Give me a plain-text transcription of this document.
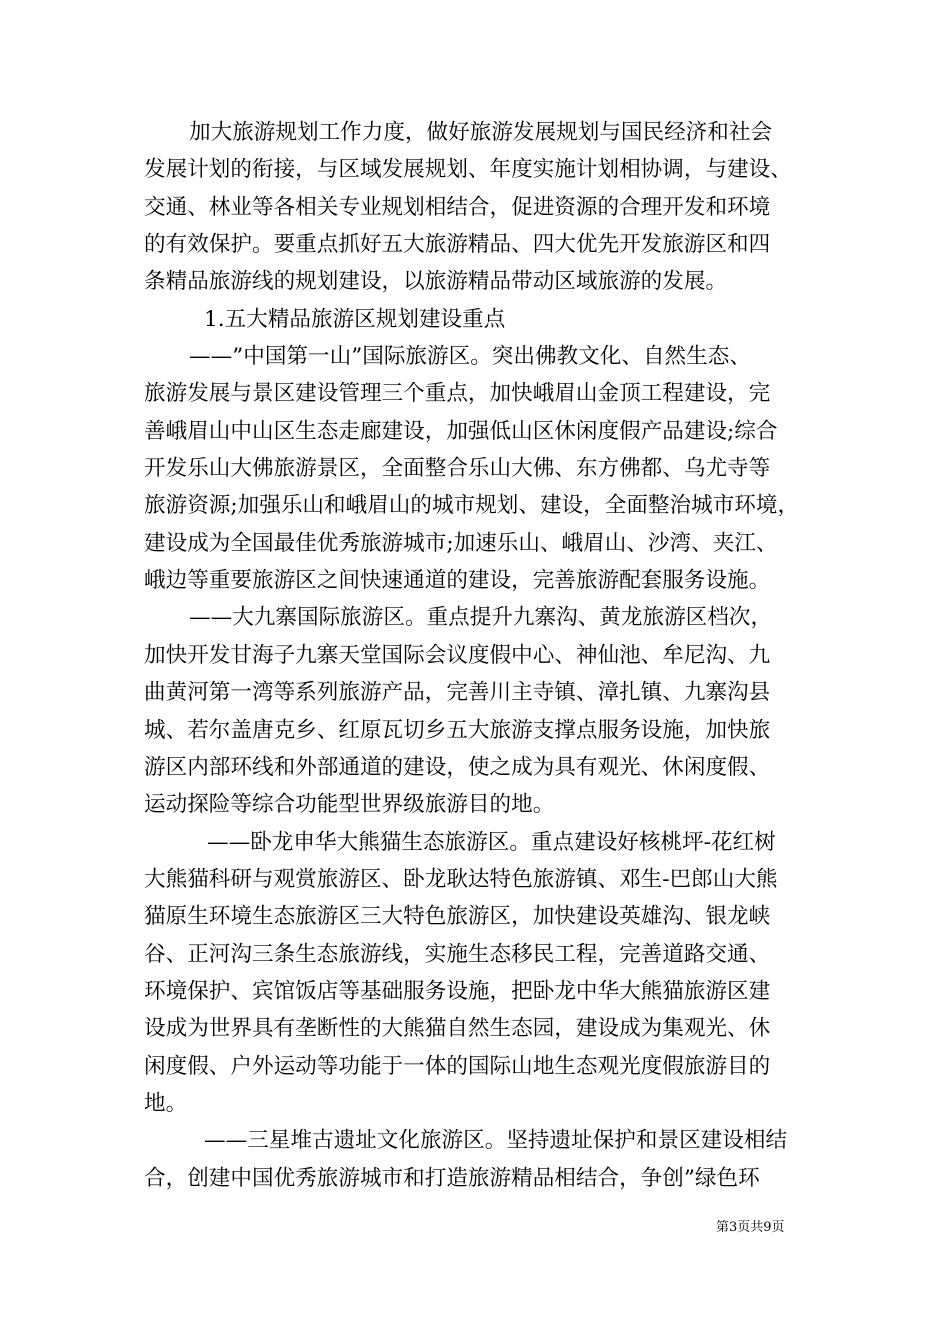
加大旅游规划工作力度，做好旅游发展规划与国民经济和社会
发展计划的衔接，与区域发展规划、年度实施计划相协调，与建设、
交通、林业等各相关专业规划相结合，促进资源的合理开发和环境
的有效保护。要重点抓好五大旅游精品、四大优先开发旅游区和四
条精品旅游线的规划建设，以旅游精品带动区域旅游的发展。
1.五大精品旅游区规划建设重点
——”中国第一山”国际旅游区。突出佛教文化、自然生态、
旅游发展与景区建设管理三个重点，加快峨眉山金顶工程建设，完
善峨眉山中山区生态走廊建设，加强低山区休闲度假产品建设;综合
开发乐山大佛旅游景区，全面整合乐山大佛、东方佛都、乌尤寺等
旅游资源;加强乐山和峨眉山的城市规划、建设，全面整治城市环境，
建设成为全国最佳优秀旅游城市;加速乐山、峨眉山、沙湾、夹江、
峨边等重要旅游区之间快速通道的建设，完善旅游配套服务设施。
——大九寨国际旅游区。重点提升九寨沟、黄龙旅游区档次，
加快开发甘海子九寨天堂国际会议度假中心、神仙池、牟尼沟、九
曲黄河第一湾等系列旅游产品，完善川主寺镇、漳扎镇、九寨沟县
城、若尔盖唐克乡、红原瓦切乡五大旅游支撑点服务设施，加快旅
游区内部环线和外部通道的建设，使之成为具有观光、休闲度假、
运动探险等综合功能型世界级旅游目的地。
——卧龙申华大熊猫生态旅游区。重点建设好核桃坪-花红树
大熊猫科研与观赏旅游区、卧龙耿达特色旅游镇、邓生-巴郎山大熊
猫原生环境生态旅游区三大特色旅游区，加快建设英雄沟、银龙峡
谷、正河沟三条生态旅游线，实施生态移民工程，完善道路交通、
环境保护、宾馆饭店等基础服务设施，把卧龙中华大熊猫旅游区建
设成为世界具有垄断性的大熊猫自然生态园，建设成为集观光、休
闲度假、户外运动等功能于一体的国际山地生态观光度假旅游目的
地。
——三星堆古遗址文化旅游区。坚持遗址保护和景区建设相结
合，创建中国优秀旅游城市和打造旅游精品相结合，争创”绿色环
第3页共9页
